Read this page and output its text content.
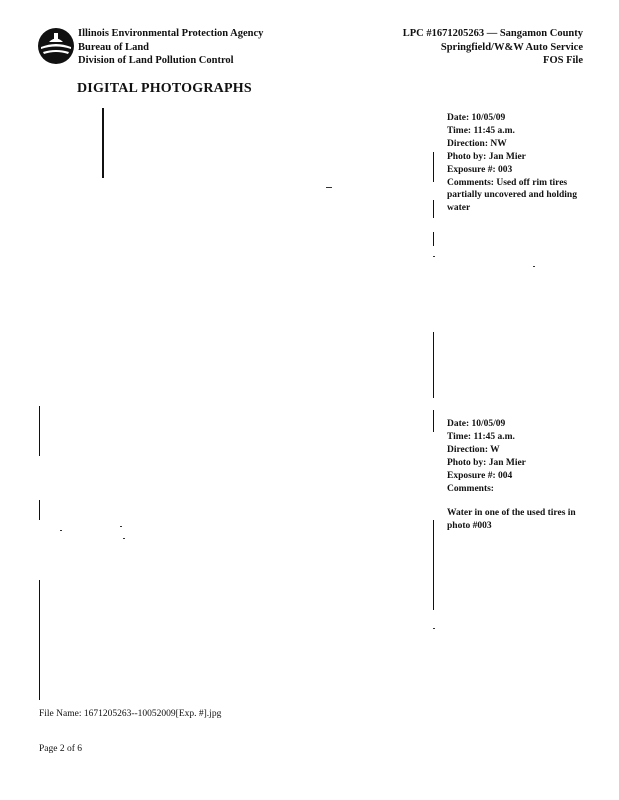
Illinois Environmental Protection Agency
Bureau of Land
Division of Land Pollution Control
LPC #1671205263 — Sangamon County
Springfield/W&W Auto Service
FOS File
DIGITAL PHOTOGRAPHS
Date: 10/05/09
Time: 11:45 a.m.
Direction: NW
Photo by: Jan Mier
Exposure #: 003
Comments: Used off rim tires partially uncovered and holding water
Date: 10/05/09
Time: 11:45 a.m.
Direction: W
Photo by: Jan Mier
Exposure #: 004
Comments:
Water in one of the used tires in photo #003
File Name: 1671205263--10052009[Exp. #].jpg
Page 2 of 6
